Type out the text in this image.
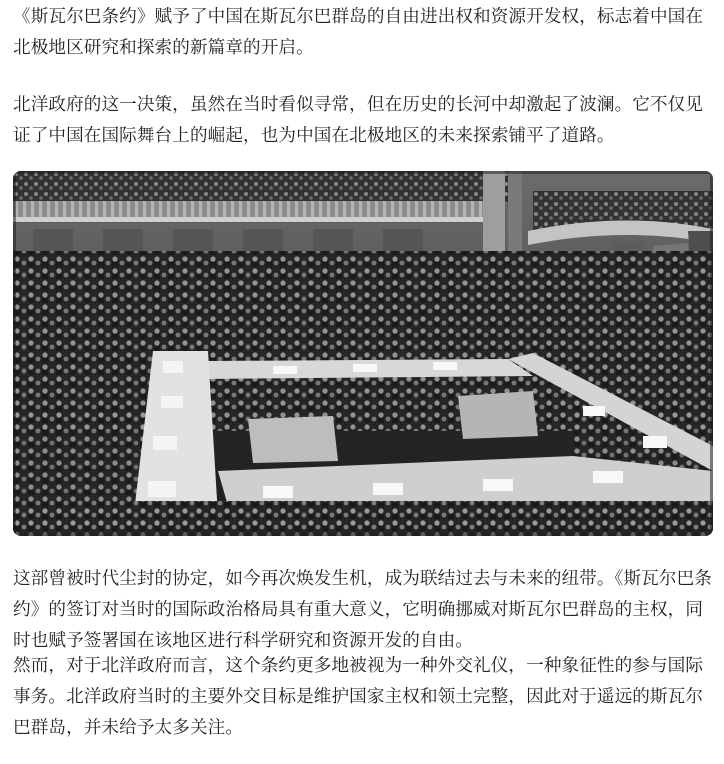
《斯瓦尔巴条约》赋予了中国在斯瓦尔巴群岛的自由进出权和资源开发权，标志着中国在北极地区研究和探索的新篇章的开启。

北洋政府的这一决策，虽然在当时看似寻常，但在历史的长河中却激起了波澜。它不仅见证了中国在国际舞台上的崛起，也为中国在北极地区的未来探索铺平了道路。

这部曾被时代尘封的协定，如今再次焕发生机，成为联结过去与未来的纽带。《斯瓦尔巴条约》的签订对当时的国际政治格局具有重大意义，它明确挪威对斯瓦尔巴群岛的主权，同时也赋予签署国在该地区进行科学研究和资源开发的自由。

然而，对于北洋政府而言，这个条约更多地被视为一种外交礼仪，一种象征性的参与国际事务。北洋政府当时的主要外交目标是维护国家主权和领土完整，因此对于遥远的斯瓦尔巴群岛，并未给予太多关注。
